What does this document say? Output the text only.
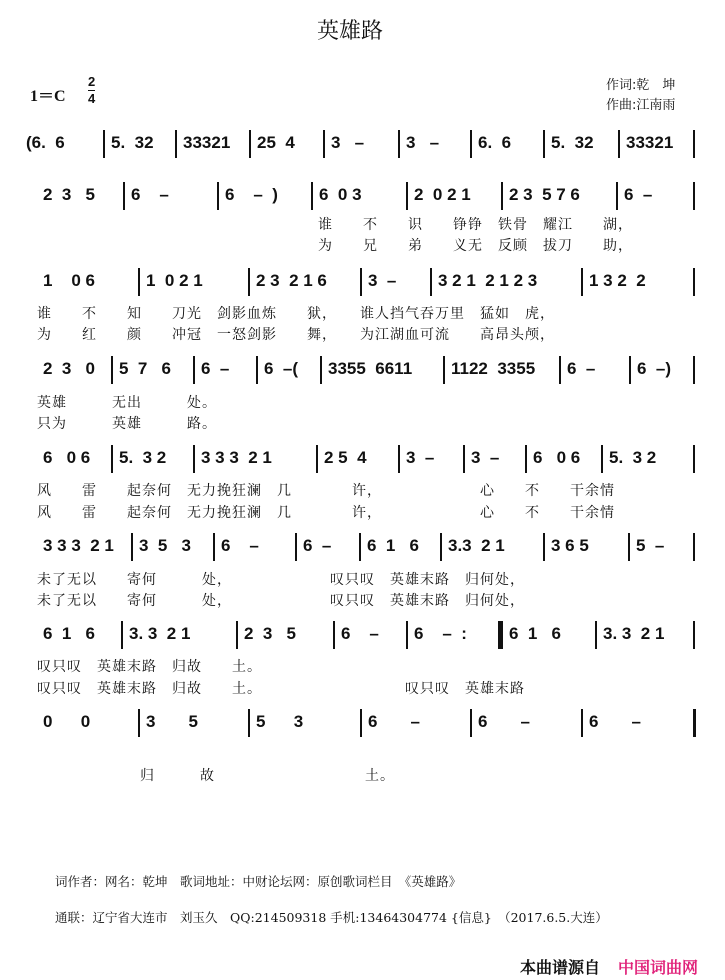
英雄路
1＝C
2
4
作词:乾　坤
作曲:江南雨
(6.  6	5.  32	33321	25  4	3   –	3   –	6.  6	5.  32	33321
2  3   5	6    –	6    –  )	6  0 3	2  0 2 1	2 3  5 7 6	6  –
谁　　不　　识　　铮铮　铁骨　耀江　　湖，
为　　兄　　弟　　义无　反顾　拔刀　　助，
1    0 6	1  0 2 1	2 3  2 1 6	3  –	3 2 1  2 1 2 3	1 3 2  2
谁　　不　　知　　刀光　剑影血炼　　狱，　　谁人挡气吞万里　猛如　虎，
为　　红　　颜　　冲冠　一怒剑影　　舞，　　为江湖血可流　　高昂头颅，
2  3   0	5  7   6	6  –	6  –(	3355  6611	1122  3355	6  –	6  –)
英雄　　　无出　　　处。
只为　　　英雄　　　路。
6   0 6	5.  3 2	3 3 3  2 1	2 5  4	3  –	3  –	6   0 6	5.  3 2
风　　雷　　起奈何　无力挽狂澜　几　　　　许，　　　　　　　心　　不　　干余情
风　　雷　　起奈何　无力挽狂澜　几　　　　许，　　　　　　　心　　不　　干余情
3 3 3  2 1	3  5   3	6    –	6  –	6  1   6	3.3  2 1	3 6 5	5  –
未了无以　　寄何　　　处，　　　　　　　叹只叹　英雄末路　归何处，
未了无以　　寄何　　　处，　　　　　　　叹只叹　英雄末路　归何处，
6  1   6	3. 3  2 1	2  3   5	6    –	6    –  :	6  1   6	3. 3  2 1
叹只叹　英雄末路　归故　　土。
叹只叹　英雄末路　归故　　土。　　　　　　　　　　叹只叹　英雄末路
0      0	3       5	5      3	6       –	6       –	6       –
归　　　故　　　　　　　　　　土。
词作者：网名：乾坤　歌词地址：中财论坛网：原创歌词栏目　《英雄路》
通联：辽宁省大连市　刘玉久　QQ:214509318 手机:13464304774 {信息}　（2017.6.5.大连）
本曲谱源自 中国词曲网
